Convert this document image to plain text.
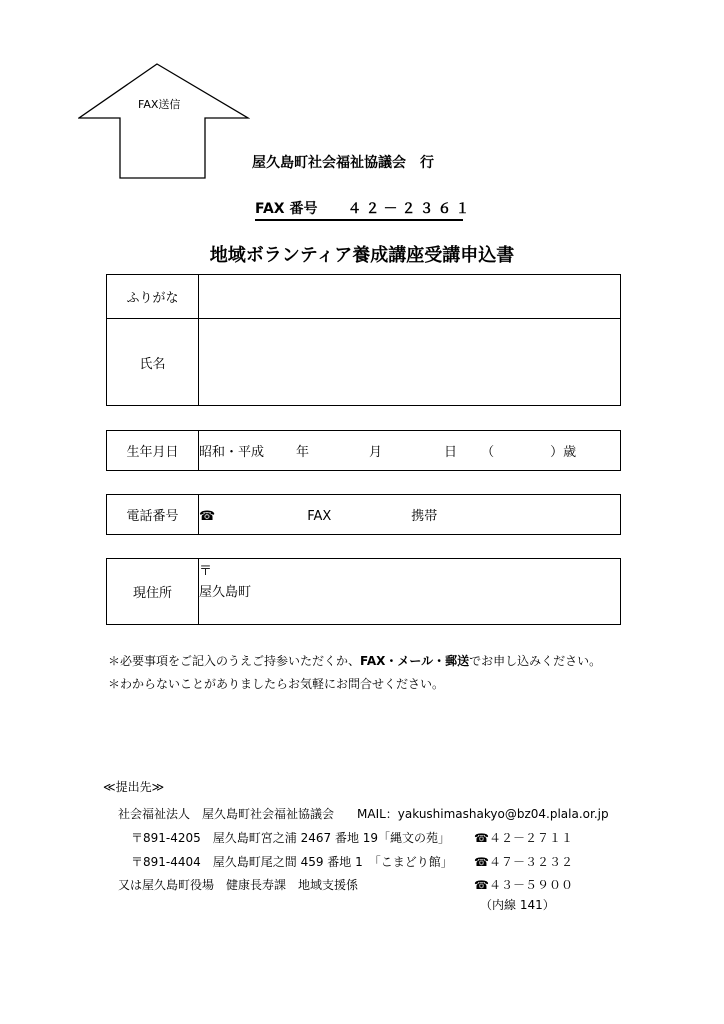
FAX送信
屋久島町社会福祉協議会　行
FAX 番号 ４２－２３６１
地域ボランティア養成講座受講申込書
ふりがな	
氏名	
生年月日	昭和・平成 年	月	日 （	）歳
電話番号	☎	FAX	携帯
現住所	
〒
屋久島町
＊必要事項をご記入のうえご持参いただくか、FAX・メール・郵送でお申し込みください。
＊わからないことがありましたらお気軽にお問合せください。
≪提出先≫
社会福祉法人　屋久島町社会福祉協議会 MAIL：yakushimashakyo@bz04.plala.or.jp
〒891-4205　屋久島町宮之浦 2467 番地 19「縄文の苑」 ☎４２－２７１１
〒891-4404　屋久島町尾之間 459 番地 1　「こまどり館」 ☎４７－３２３２
又は屋久島町役場　健康長寿課　地域支援係	☎４３－５９００
（内線 141）
